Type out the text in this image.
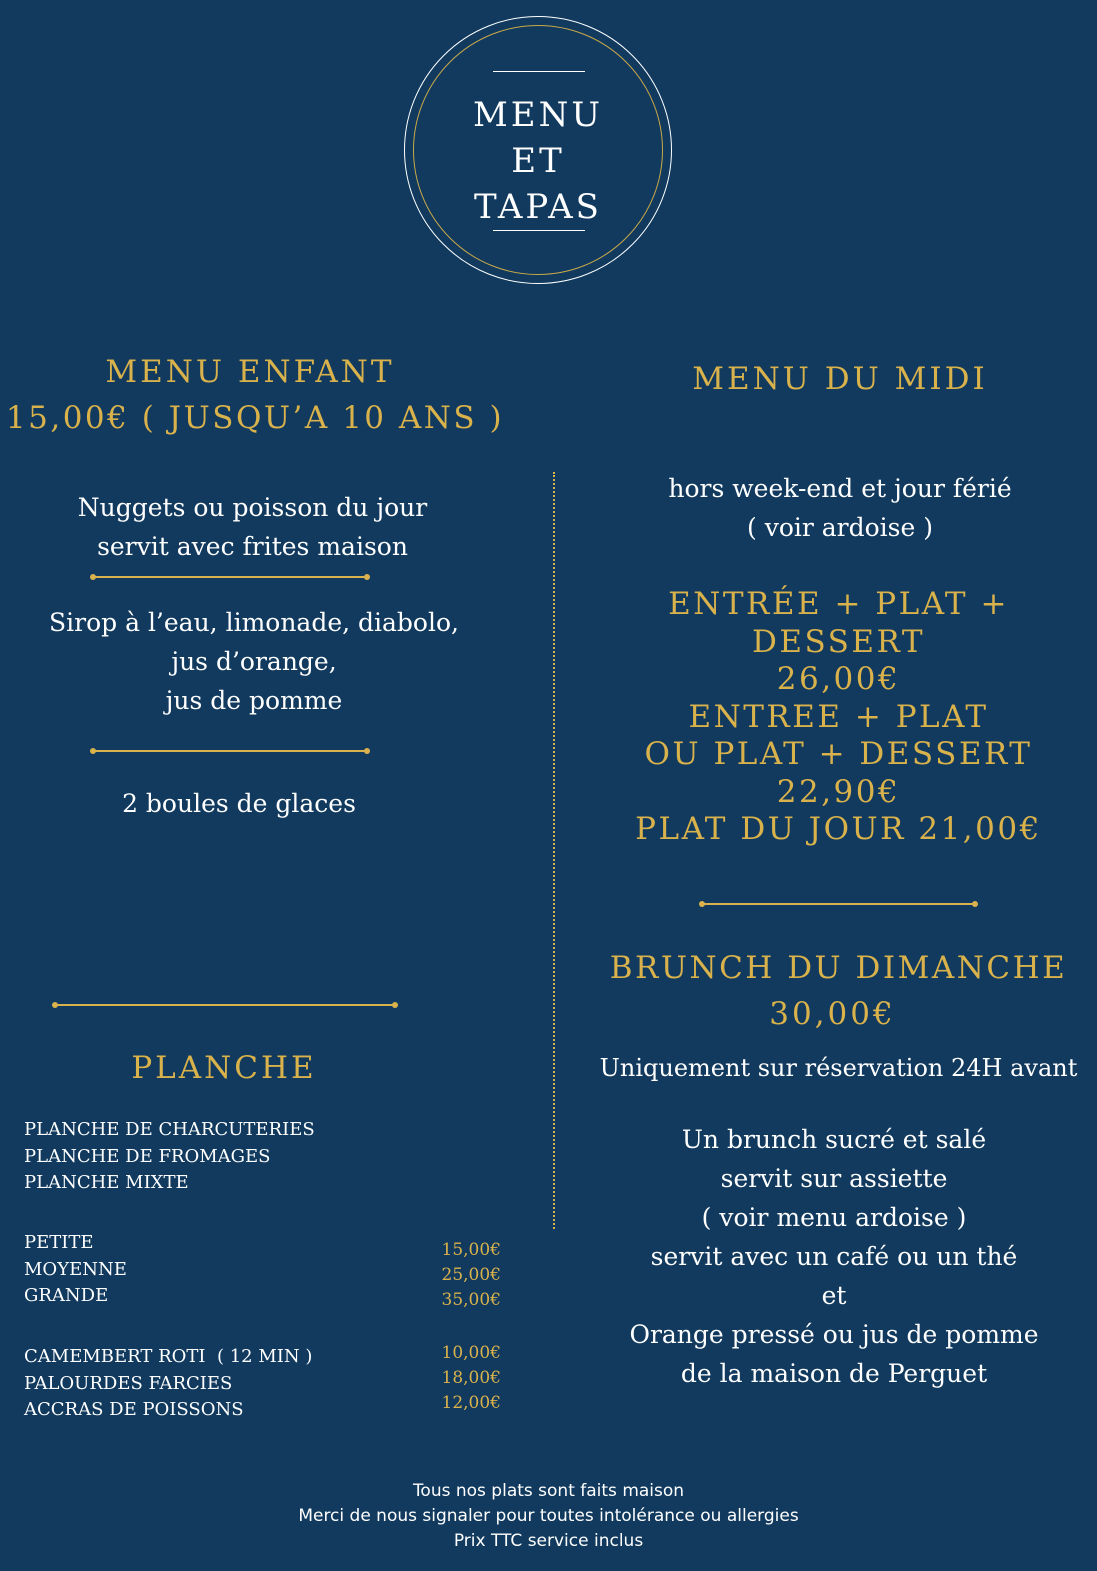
MENU
ET
TAPAS
MENU ENFANT
15,00€ ( JUSQU’A 10 ANS )
Nuggets ou poisson du jour
servit avec frites maison
Sirop à l’eau, limonade, diabolo,
jus d’orange,
jus de pomme
2 boules de glaces
MENU DU MIDI
hors week-end et jour férié
( voir ardoise )
ENTRÉE + PLAT + DESSERT
26,00€
ENTREE + PLAT
OU PLAT + DESSERT
22,90€
PLAT DU JOUR 21,00€
BRUNCH DU DIMANCHE
30,00€
Uniquement sur réservation 24H avant
Un brunch sucré et salé
servit sur assiette
( voir menu ardoise )
servit avec un café ou un thé
et
Orange pressé ou jus de pomme
de la maison de Perguet
PLANCHE
PLANCHE DE CHARCUTERIES
PLANCHE DE FROMAGES
PLANCHE MIXTE
PETITE
MOYENNE
GRANDE
15,00€
25,00€
35,00€
CAMEMBERT ROTI  ( 12 MIN )
PALOURDES FARCIES
ACCRAS DE POISSONS
10,00€
18,00€
12,00€
Tous nos plats sont faits maison
Merci de nous signaler pour toutes intolérance ou allergies
Prix TTC service inclus
